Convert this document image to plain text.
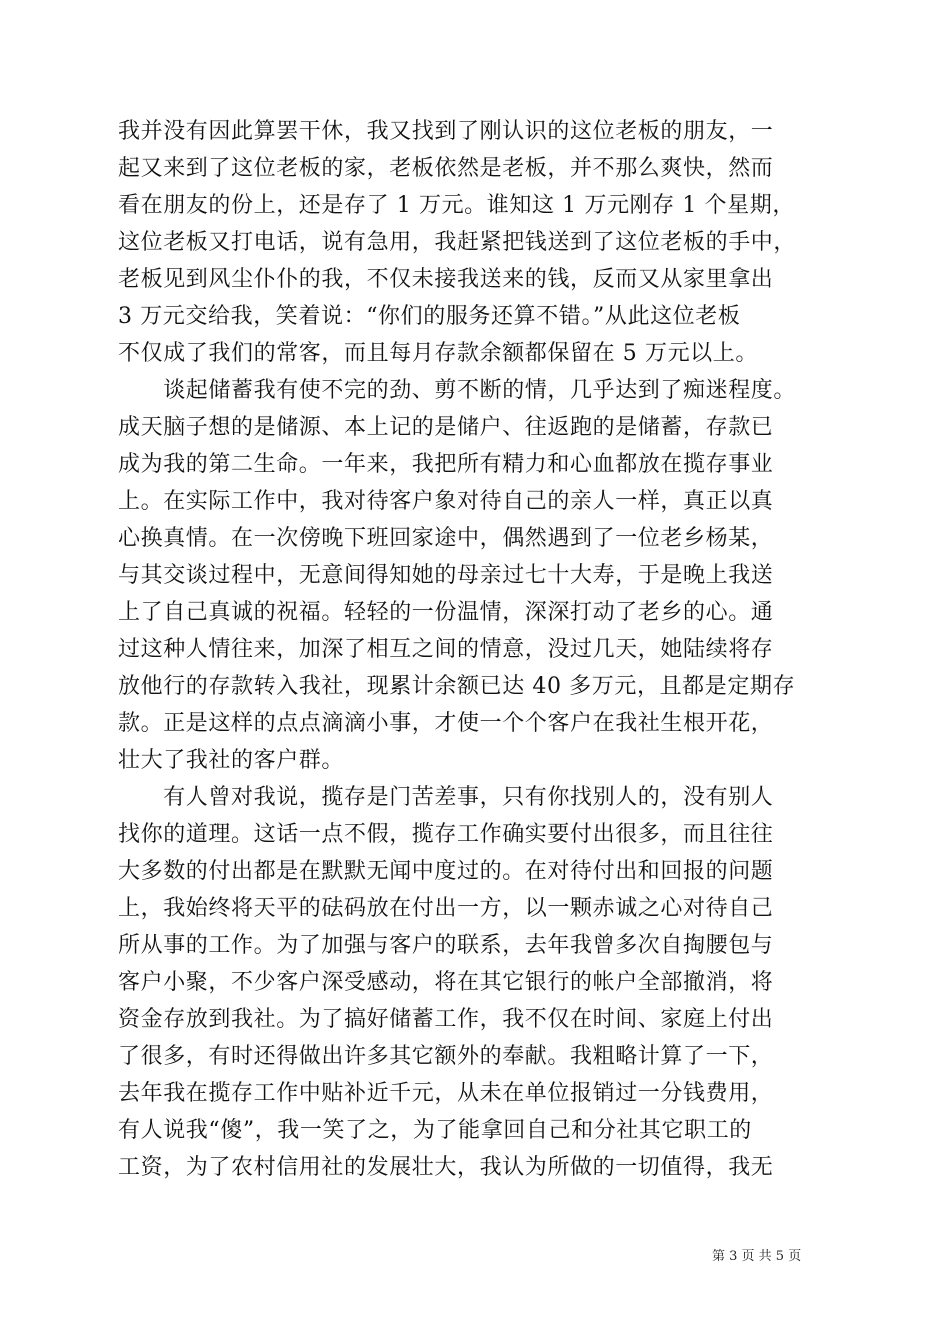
我并没有因此算罢干休，我又找到了刚认识的这位老板的朋友，一
起又来到了这位老板的家，老板依然是老板，并不那么爽快，然而
看在朋友的份上，还是存了 1 万元。谁知这 1 万元刚存 1 个星期，
这位老板又打电话，说有急用，我赶紧把钱送到了这位老板的手中，
老板见到风尘仆仆的我，不仅未接我送来的钱，反而又从家里拿出
3 万元交给我，笑着说：“你们的服务还算不错。”从此这位老板
不仅成了我们的常客，而且每月存款余额都保留在 5 万元以上。
　　谈起储蓄我有使不完的劲、剪不断的情，几乎达到了痴迷程度。
成天脑子想的是储源、本上记的是储户、往返跑的是储蓄，存款已
成为我的第二生命。一年来，我把所有精力和心血都放在揽存事业
上。在实际工作中，我对待客户象对待自己的亲人一样，真正以真
心换真情。在一次傍晚下班回家途中，偶然遇到了一位老乡杨某，
与其交谈过程中，无意间得知她的母亲过七十大寿，于是晚上我送
上了自己真诚的祝福。轻轻的一份温情，深深打动了老乡的心。通
过这种人情往来，加深了相互之间的情意，没过几天，她陆续将存
放他行的存款转入我社，现累计余额已达 40 多万元，且都是定期存
款。正是这样的点点滴滴小事，才使一个个客户在我社生根开花，
壮大了我社的客户群。
　　有人曾对我说，揽存是门苦差事，只有你找别人的，没有别人
找你的道理。这话一点不假，揽存工作确实要付出很多，而且往往
大多数的付出都是在默默无闻中度过的。在对待付出和回报的问题
上，我始终将天平的砝码放在付出一方，以一颗赤诚之心对待自己
所从事的工作。为了加强与客户的联系，去年我曾多次自掏腰包与
客户小聚，不少客户深受感动，将在其它银行的帐户全部撤消，将
资金存放到我社。为了搞好储蓄工作，我不仅在时间、家庭上付出
了很多，有时还得做出许多其它额外的奉献。我粗略计算了一下，
去年我在揽存工作中贴补近千元，从未在单位报销过一分钱费用，
有人说我“傻”，我一笑了之，为了能拿回自己和分社其它职工的
工资，为了农村信用社的发展壮大，我认为所做的一切值得，我无
第 3 页 共 5 页
